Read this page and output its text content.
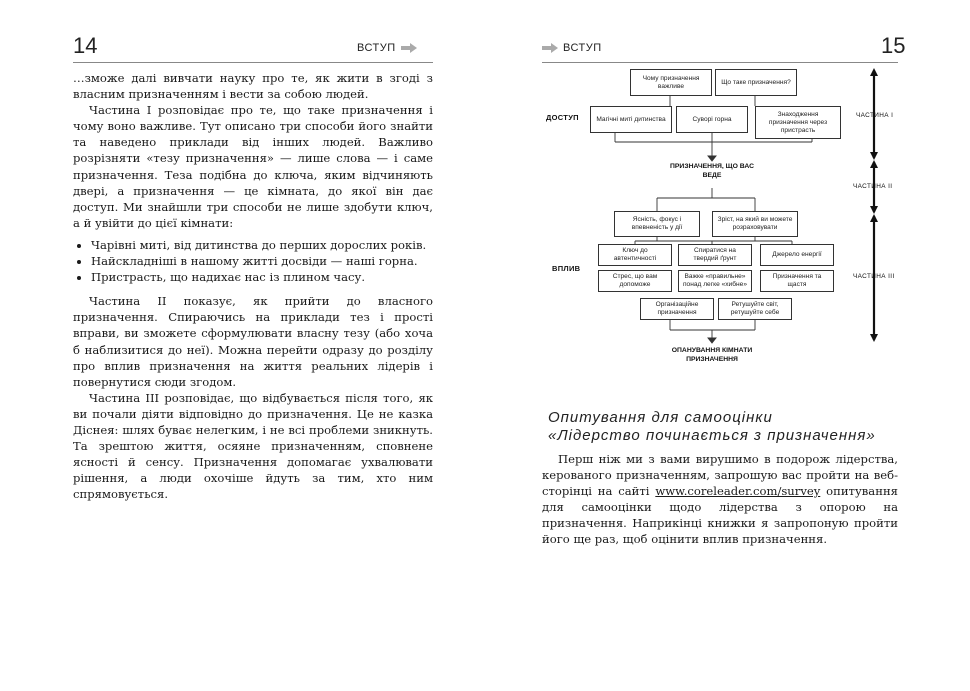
14	ВСТУП

…зможе далі вивчати науку про те, як жити в згоді з власним призначенням і вести за собою людей.

Частина I розповідає про те, що таке призначення і чому воно важливе. Тут описано три способи його знайти та наведено приклади від інших людей. Важливо розрізняти «тезу призначення» — лише слова — і саме призначення. Теза подібна до ключа, яким відчиняють двері, а призначення — це кімната, до якої він дає доступ. Ми знайшли три способи не лише здобути ключ, а й увійти до цієї кімнати:

• Чарівні миті, від дитинства до перших дорослих років.
• Найскладніші в нашому житті досвіди — наші горна.
• Пристрасть, що надихає нас із плином часу.

Частина II показує, як прийти до власного призначення. Спираючись на приклади тез і прості вправи, ви зможете сформулювати власну тезу (або хоча б наблизитися до неї). Можна перейти одразу до розділу про вплив призначення на життя реальних лідерів і повернутися сюди згодом.

Частина III розповідає, що відбувається після того, як ви почали діяти відповідно до призначення. Це не казка Діснея: шлях буває нелегким, і не всі проблеми зникнуть. Та зрештою життя, осяяне призначенням, сповнене ясності й сенсу. Призначення допомагає ухвалювати рішення, а люди охочіше йдуть за тим, хто ним спрямовується.

ВСТУП	15
Чому призначення важливе
Що таке призначення?
ДОСТУП	Магічні миті дитинства	Суворі горна
Знаходження призначення через пристрасть
ПРИЗНАЧЕННЯ, ЩО ВАС ВЕДЕ
Ясність, фокус і впевненість у дії
Зріст, на який ви можете розраховувати
ВПЛИВ
Ключ до автентичності
Спиратися на твердий ґрунт
Джерело енергії
Стрес, що вам допоможе
Важке «правильне» понад легке «хибне»
Призначення та щастя
Організаційне призначення
Ретушуйте світ, ретушуйте себе
ОПАНУВАННЯ КІМНАТИ ПРИЗНАЧЕННЯ
ЧАСТИНА І
ЧАСТИНА ІІ
ЧАСТИНА ІІІ
Опитування для самооцінки
«Лідерство починається з призначення»

Перш ніж ми з вами вирушимо в подорож лідерства, керованого призначенням, запрошую вас пройти на веб-сторінці на сайті www.coreleader.com/survey опитування для самооцінки щодо лідерства з опорою на призначення. Наприкінці книжки я запропоную пройти його ще раз, щоб оцінити вплив призначення.
